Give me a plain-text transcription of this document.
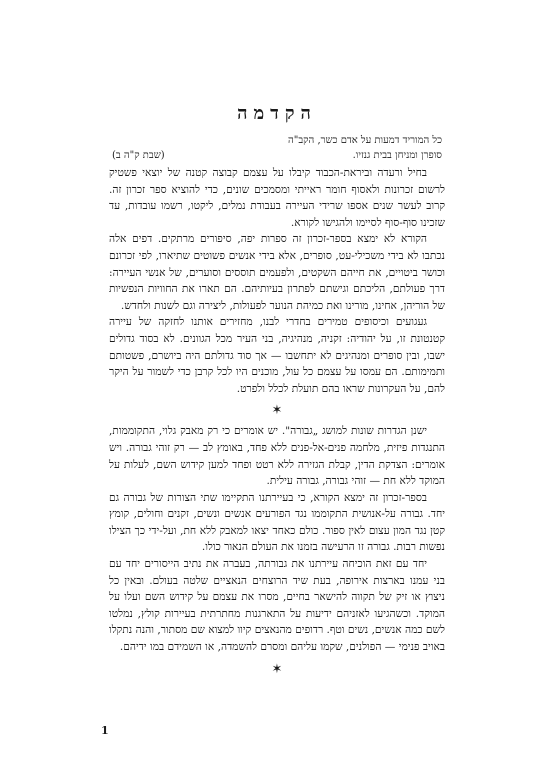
הקדמה
כל המוריד דמעות על אדם כשר, הקב"ה
סופרן ומניחן בבית גנזיו.
(שבת ק"ה ב)

בחיל ורעדה וביראת-הכבוד קיבלו על עצמם קבוצה קטנה של יוצאי פשטיק לרשום זכרונות ולאסוף חומר ראייתי ומסמכים שונים, כדי להוציא ספר זכרון זה. קרוב לעשר שנים אספו שרידי העיירה בעבודת נמלים, ליקטו, רשמו עובדות, עד שזכינו סוף-סוף לסיימו ולהגישו לקורא.

הקורא לא ימצא בספר-זכרון זה ספרות יפה, סיפורים מרתקים. דפים אלה נכתבו לא בידי משכילי-עט, סופרים, אלא בידי אנשים פשוטים שתיארו, לפי זכרונם וכושר ביטויים, את חייהם השקטים, ולפעמים תוססים וסוערים, של אנשי העיירה: דרך פעולתם, הליכתם וגישתם לפתרון בעיותיהם. הם תארו את החוויות הנפשיות של הוריהן, אחינו, מורינו ואת כמיהת הנוער לפעולות, ליצירה וגם לשנות ולחדש.

געגועים וכיסופים טמירים בחדרי לבנו, מחזירים אותנו לחזקה של עיירה קטנטונת זו, על יהודיה: זקניה, מנהיגיה, בני העיר מכל הגוונים. לא בסוד גדולים ישבו, ובין סופרים ומנהיגים לא יתחשבו — אך סוד גדולתם היה ביושרם, פשטותם ותמימותם. הם עמסו על עצמם כל עול, מוכנים היו לכל קרבן כדי לשמור על היקר להם, על העקרונות שראו בהם תועלת לכלל ולפרט.

✶

ישנן הגדרות שונות למושג „גבורה". יש אומרים כי רק מאבק גלוי, התקוממות, התנגדות פיזית, מלחמה פנים-אל-פנים ללא פחד, באומץ לב — רק זוהי גבורה. ויש אומרים: הצדקת הדין, קבלת הגזירה ללא רטט ופחד למען קידוש השם, לעלות על המוקד ללא חת — זוהי גבורה, גבורה עילית.

בספר-זכרון זה ימצא הקורא, כי בעיירתנו התקיימו שתי הצורות של גבורה גם יחד. גבורה על-אנושית התקוממו נגד הפורעים אנשים ונשים, זקנים וחולים, קומץ קטן נגד המון עצום לאין ספור. כולם כאחד יצאו למאבק ללא חת, ועל-ידי כך הצילו נפשות רבות. גבורה זו הרעישה בזמנו את העולם הנאור כולו.

יחד עם זאת הוכיחה עיירתנו את גבורתה, בעברה את נתיב הייסורים יחד עם בני עמנו בארצות אירופה, בעת שיד הרוצחים הנאציים שלטה בעולם. ובאין כל ניצוץ או זיק של תקווה להישאר בחיים, מסרו את עצמם על קידוש השם ועלו על המוקד. וכשהגיעו לאזניהם ידיעות על התארגנות מחתרתית בעיירות קולץ, נמלטו לשם כמה אנשים, נשים וטף. רדופים מהנאצים קיוו למצוא שם מסתור, והנה נתקלו באויב פנימי — הפולנים, שקמו עליהם ומסרם להשמדה, או השמידם במו ידיהם.

✶
1
